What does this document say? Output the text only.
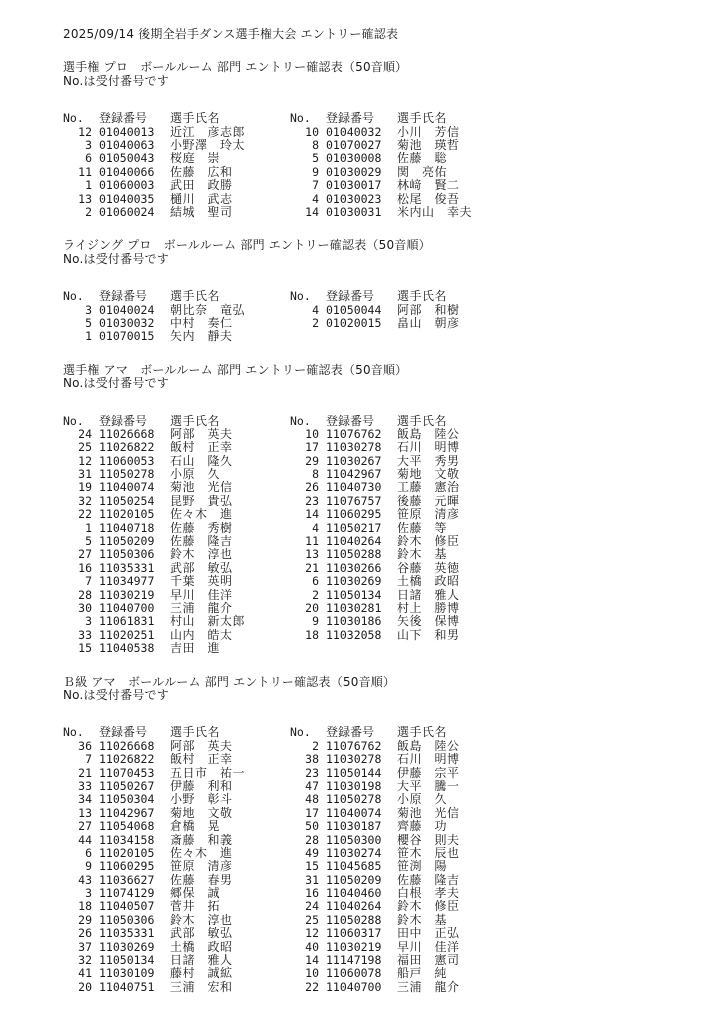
2025/09/14 後期全岩手ダンス選手権大会 エントリー確認表
選手権 プロ　ボールルーム 部門 エントリー確認表（50音順）
No.は受付番号です
No.	登録番号	選手氏名
12 01040013	近江　彦志郎
3 01040063	小野澤　玲太
6 01050043	桜庭　崇
11 01040066	佐藤　広和
1 01060003	武田　政勝
13 01040035	樋川　武志
2 01060024	結城　聖司
No.	登録番号	選手氏名
10 01040032	小川　芳信
8 01070027	菊池　瑛哲
5 01030008	佐藤　聡
9 01030029	関　亮佑
7 01030017	林﨑　賢二
4 01030023	松尾　俊吾
14 01030031	米内山　幸夫
ライジング プロ　ボールルーム 部門 エントリー確認表（50音順）
No.は受付番号です
No.	登録番号	選手氏名
3 01040024	朝比奈　竜弘
5 01030032	中村　奏仁
1 01070015	矢内　靜夫
No.	登録番号	選手氏名
4 01050044	阿部　和樹
2 01020015	畠山　朝彦
選手権 アマ　ボールルーム 部門 エントリー確認表（50音順）
No.は受付番号です
No.	登録番号	選手氏名
24 11026668	阿部　英夫
25 11026822	飯村　正幸
12 11060053	石山　隆久
31 11050278	小原　久
19 11040074	菊池　光信
32 11050254	昆野　貴弘
22 11020105	佐々木　進
1 11040718	佐藤　秀樹
5 11050209	佐藤　隆吉
27 11050306	鈴木　淳也
16 11035331	武部　敏弘
7 11034977	千葉　英明
28 11030219	早川　佳洋
30 11040700	三浦　龍介
3 11061831	村山　新太郎
33 11020251	山内　皓太
15 11040538	吉田　進
No.	登録番号	選手氏名
10 11076762	飯島　陸公
17 11030278	石川　明博
29 11030267	大平　秀男
8 11042967	菊地　文敬
26 11040730	工藤　憲治
23 11076757	後藤　元暉
14 11060295	笹原　清彦
4 11050217	佐藤　等
11 11040264	鈴木　修臣
13 11050288	鈴木　基
21 11030266	谷藤　英徳
6 11030269	土橋　政昭
2 11050134	日諸　雅人
20 11030281	村上　勝博
9 11030186	矢後　保博
18 11032058	山下　和男
Ｂ級 アマ　ボールルーム 部門 エントリー確認表（50音順）
No.は受付番号です
No.	登録番号	選手氏名
36 11026668	阿部　英夫
7 11026822	飯村　正幸
21 11070453	五日市　祐一
33 11050267	伊藤　利和
34 11050304	小野　彰斗
13 11042967	菊地　文敬
27 11054068	倉橋　晃
44 11034158	斎藤　和義
6 11020105	佐々木　進
9 11060295	笹原　清彦
43 11036627	佐藤　春男
3 11074129	郷保　誠
18 11040507	菅井　拓
29 11050306	鈴木　淳也
26 11035331	武部　敏弘
37 11030269	土橋　政昭
32 11050134	日諸　雅人
41 11030109	藤村　誠絋
20 11040751	三浦　宏和
No.	登録番号	選手氏名
2 11076762	飯島　陸公
38 11030278	石川　明博
23 11050144	伊藤　宗平
47 11030198	大平　騰一
48 11050278	小原　久
17 11040074	菊池　光信
50 11030187	齊藤　功
28 11050300	櫻谷　則夫
49 11030274	笹木　辰也
15 11045685	笹渕　陽
31 11050209	佐藤　隆吉
16 11040460	白根　孝夫
24 11040264	鈴木　修臣
25 11050288	鈴木　基
12 11060317	田中　正弘
40 11030219	早川　佳洋
14 11147198	福田　憲司
10 11060078	船戸　純
22 11040700	三浦　龍介
